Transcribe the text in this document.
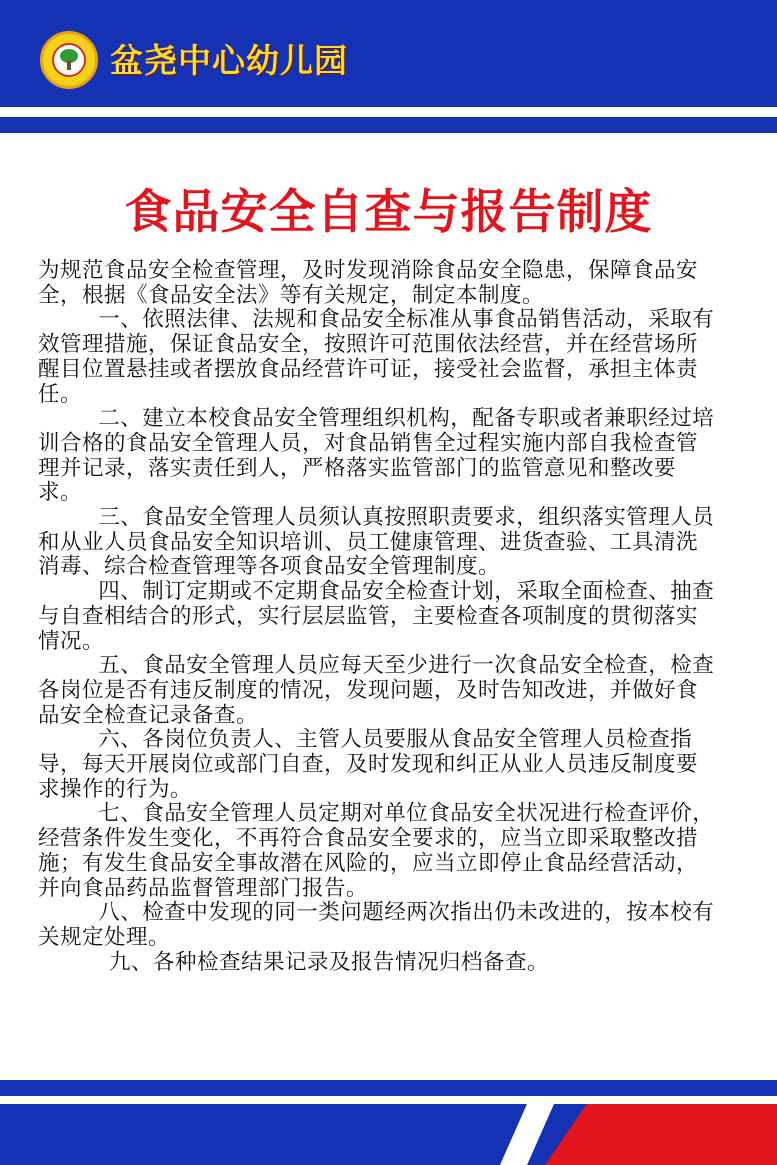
盆尧中心幼儿园
食品安全自查与报告制度

为规范食品安全检查管理，及时发现消除食品安全隐患，保障食品安全，根据《食品安全法》等有关规定，制定本制度。

一、依照法律、法规和食品安全标准从事食品销售活动，采取有效管理措施，保证食品安全，按照许可范围依法经营，并在经营场所醒目位置悬挂或者摆放食品经营许可证，接受社会监督，承担主体责任。

二、建立本校食品安全管理组织机构，配备专职或者兼职经过培训合格的食品安全管理人员，对食品销售全过程实施内部自我检查管理并记录，落实责任到人，严格落实监管部门的监管意见和整改要求。

三、食品安全管理人员须认真按照职责要求，组织落实管理人员和从业人员食品安全知识培训、员工健康管理、进货查验、工具清洗消毒、综合检查管理等各项食品安全管理制度。

四、制订定期或不定期食品安全检查计划，采取全面检查、抽查与自查相结合的形式，实行层层监管，主要检查各项制度的贯彻落实情况。

五、食品安全管理人员应每天至少进行一次食品安全检查，检查各岗位是否有违反制度的情况，发现问题，及时告知改进，并做好食品安全检查记录备查。

六、各岗位负责人、主管人员要服从食品安全管理人员检查指导，每天开展岗位或部门自查，及时发现和纠正从业人员违反制度要求操作的行为。

七、食品安全管理人员定期对单位食品安全状况进行检查评价，经营条件发生变化，不再符合食品安全要求的，应当立即采取整改措施；有发生食品安全事故潜在风险的，应当立即停止食品经营活动，并向食品药品监督管理部门报告。

八、检查中发现的同一类问题经两次指出仍未改进的，按本校有关规定处理。

九、各种检查结果记录及报告情况归档备查。
